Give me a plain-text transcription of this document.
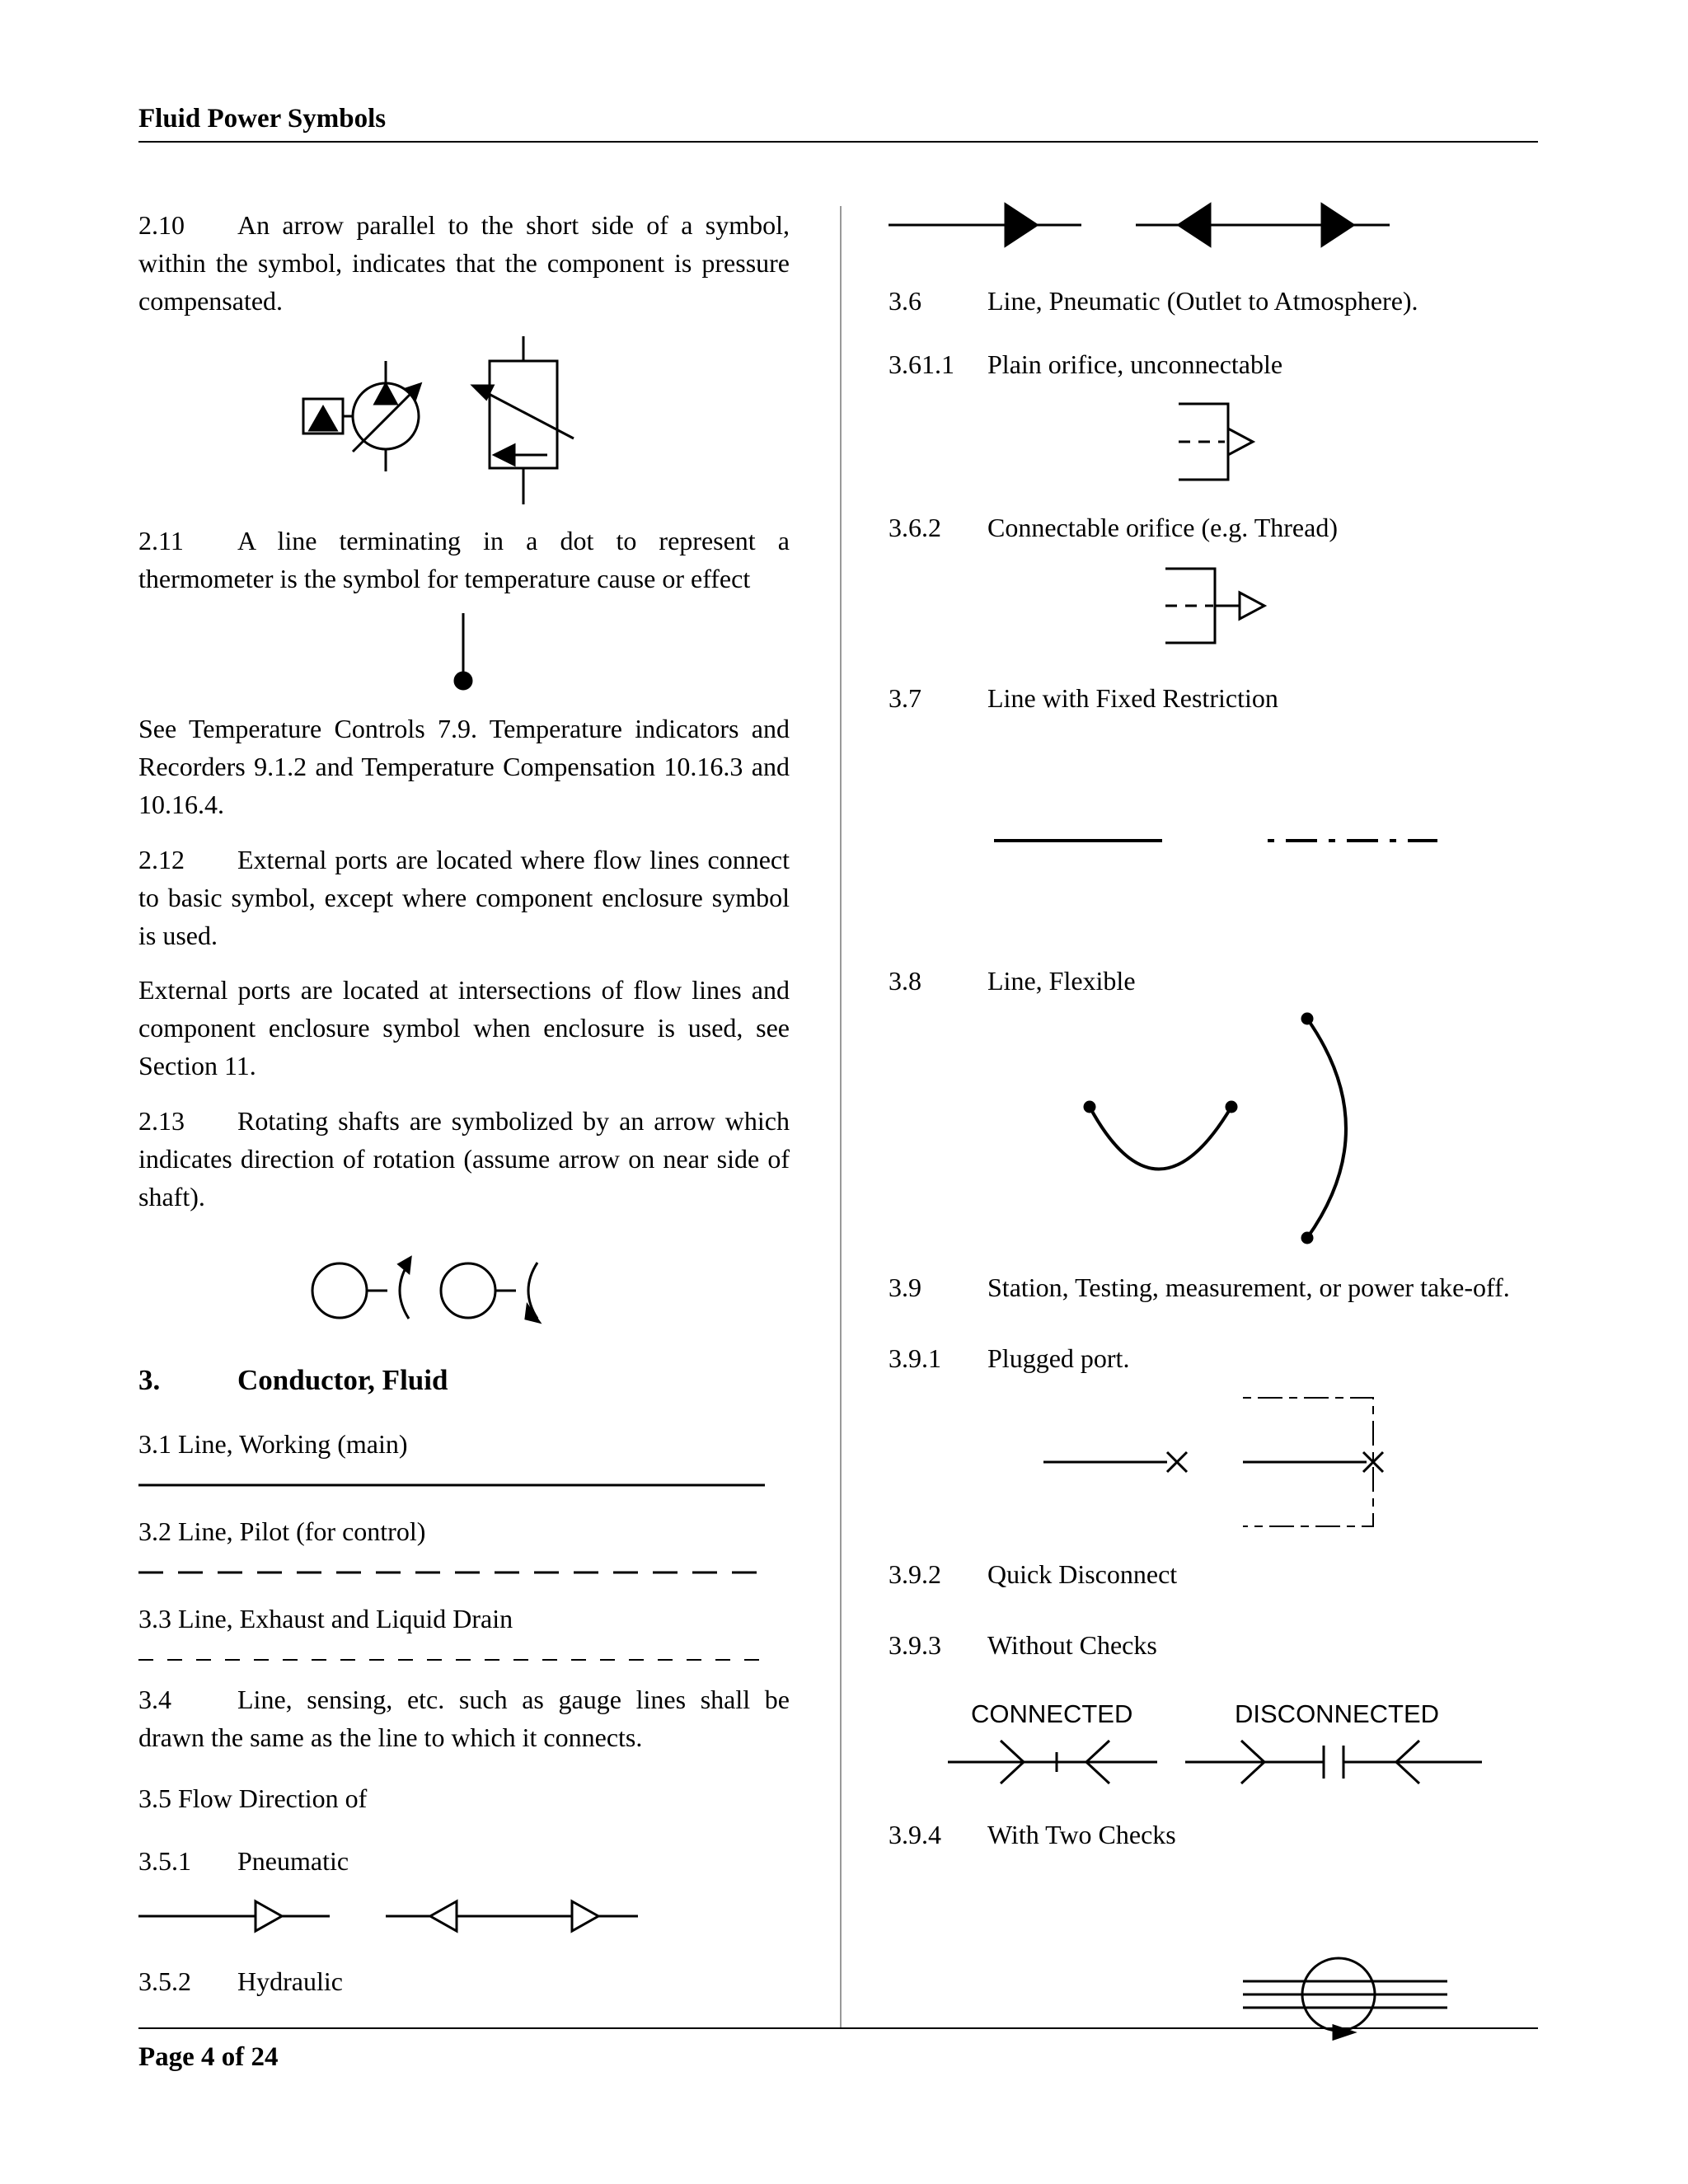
Fluid Power Symbols
2.10 An arrow parallel to the short side of a symbol, within the symbol, indicates that the component is pressure compensated.
2.11 A line terminating in a dot to represent a thermometer is the symbol for temperature cause or effect
See Temperature Controls 7.9. Temperature indicators and Recorders 9.1.2 and Temperature Compensation 10.16.3 and 10.16.4.
2.12 External ports are located where flow lines connect to basic symbol, except where component enclosure symbol is used.
External ports are located at intersections of flow lines and component enclosure symbol when enclosure is used, see Section 11.
2.13 Rotating shafts are symbolized by an arrow which indicates direction of rotation (assume arrow on near side of shaft).
3.	Conductor, Fluid
3.1 Line, Working (main)
3.2 Line, Pilot (for control)
3.3 Line, Exhaust and Liquid Drain
3.4	Line, sensing, etc. such as gauge lines shall be drawn the same as the line to which it connects.
3.5 Flow Direction of
3.5.1 Pneumatic
3.5.2 Hydraulic
3.6	Line, Pneumatic (Outlet to Atmosphere).
3.61.1 Plain orifice, unconnectable
3.6.2 Connectable orifice (e.g. Thread)
3.7	Line with Fixed Restriction
3.8	Line, Flexible
3.9	Station, Testing, measurement, or power take-off.
3.9.1 Plugged port.
3.9.2 Quick Disconnect
3.9.3 Without Checks
CONNECTED	DISCONNECTED
3.9.4 With Two Checks
Page 4 of 24
